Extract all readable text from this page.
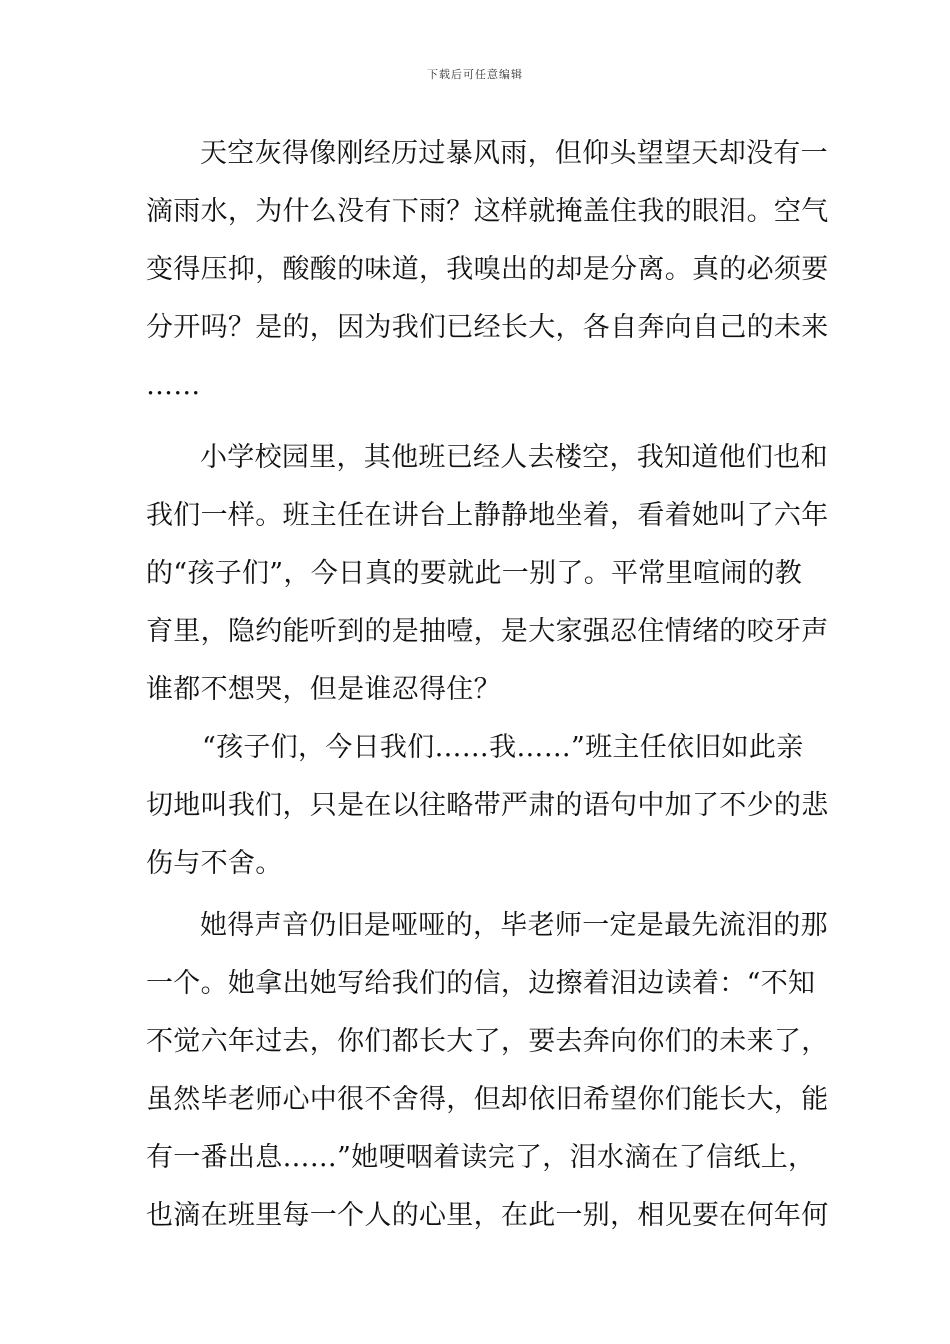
下载后可任意编辑
天空灰得像刚经历过暴风雨，但仰头望望天却没有一
滴雨水，为什么没有下雨？这样就掩盖住我的眼泪。空气
变得压抑，酸酸的味道，我嗅出的却是分离。真的必须要
分开吗？是的，因为我们已经长大，各自奔向自己的未来
……
小学校园里，其他班已经人去楼空，我知道他们也和
我们一样。班主任在讲台上静静地坐着，看着她叫了六年
的“孩子们”，今日真的要就此一别了。平常里喧闹的教
育里，隐约能听到的是抽噎，是大家强忍住情绪的咬牙声
谁都不想哭，但是谁忍得住？
“孩子们，今日我们……我……”班主任依旧如此亲
切地叫我们，只是在以往略带严肃的语句中加了不少的悲
伤与不舍。
她得声音仍旧是哑哑的，毕老师一定是最先流泪的那
一个。她拿出她写给我们的信，边擦着泪边读着：“不知
不觉六年过去，你们都长大了，要去奔向你们的未来了，
虽然毕老师心中很不舍得，但却依旧希望你们能长大，能
有一番出息……”她哽咽着读完了，泪水滴在了信纸上，
也滴在班里每一个人的心里，在此一别，相见要在何年何
